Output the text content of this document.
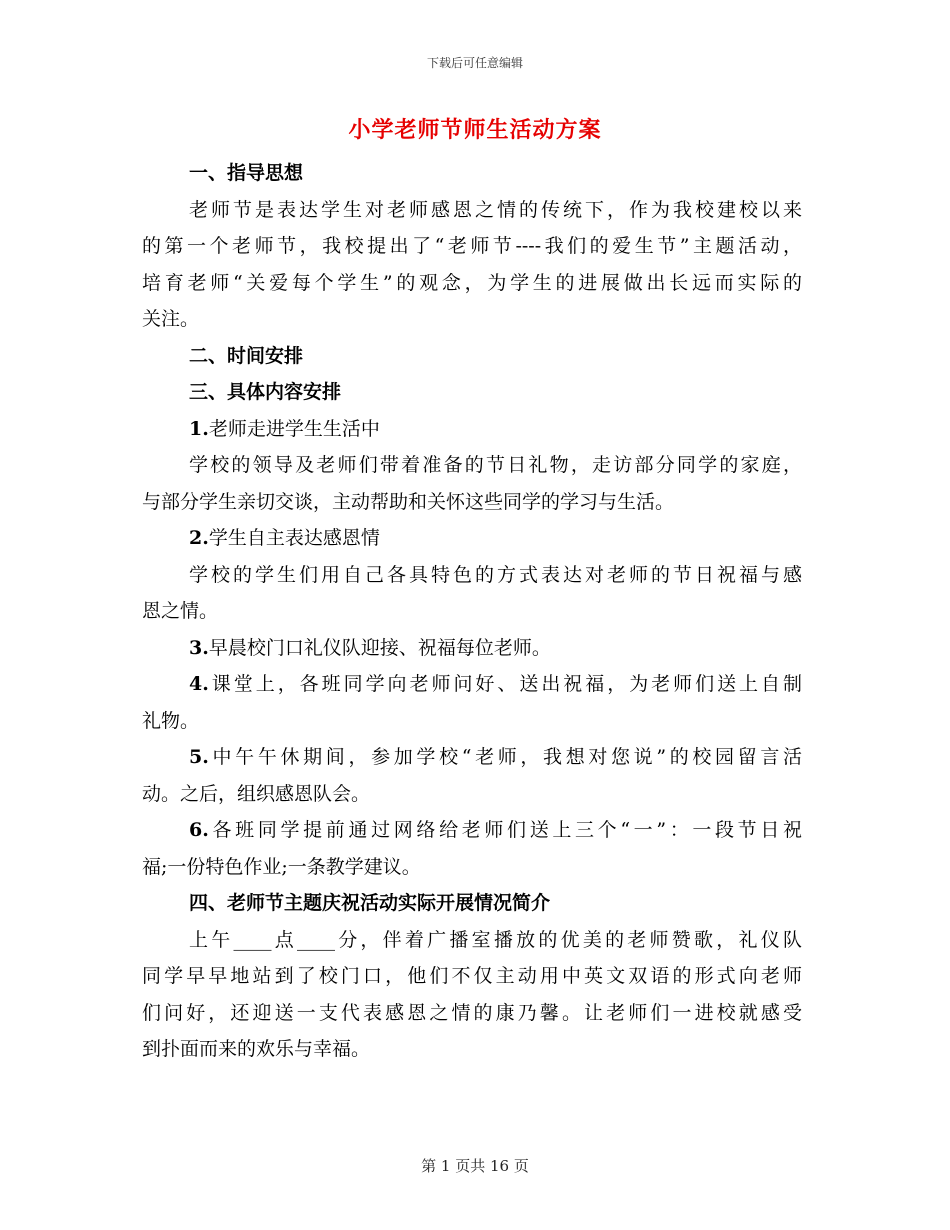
下载后可任意编辑
小学老师节师生活动方案
一、指导思想
老师节是表达学生对老师感恩之情的传统下，作为我校建校以来
的第一个老师节，我校提出了“老师节----我们的爱生节”主题活动，
培育老师“关爱每个学生”的观念，为学生的进展做出长远而实际的
关注。
二、时间安排
三、具体内容安排
1.老师走进学生生活中
学校的领导及老师们带着准备的节日礼物，走访部分同学的家庭，
与部分学生亲切交谈，主动帮助和关怀这些同学的学习与生活。
2.学生自主表达感恩情
学校的学生们用自己各具特色的方式表达对老师的节日祝福与感
恩之情。
3.早晨校门口礼仪队迎接、祝福每位老师。
4.课堂上，各班同学向老师问好、送出祝福，为老师们送上自制
礼物。
5.中午午休期间，参加学校“老师，我想对您说”的校园留言活
动。之后，组织感恩队会。
6.各班同学提前通过网络给老师们送上三个“一”：一段节日祝
福;一份特色作业;一条教学建议。
四、老师节主题庆祝活动实际开展情况简介
上午____点____分，伴着广播室播放的优美的老师赞歌，礼仪队
同学早早地站到了校门口，他们不仅主动用中英文双语的形式向老师
们问好，还迎送一支代表感恩之情的康乃馨。让老师们一进校就感受
到扑面而来的欢乐与幸福。
第 1 页共 16 页
